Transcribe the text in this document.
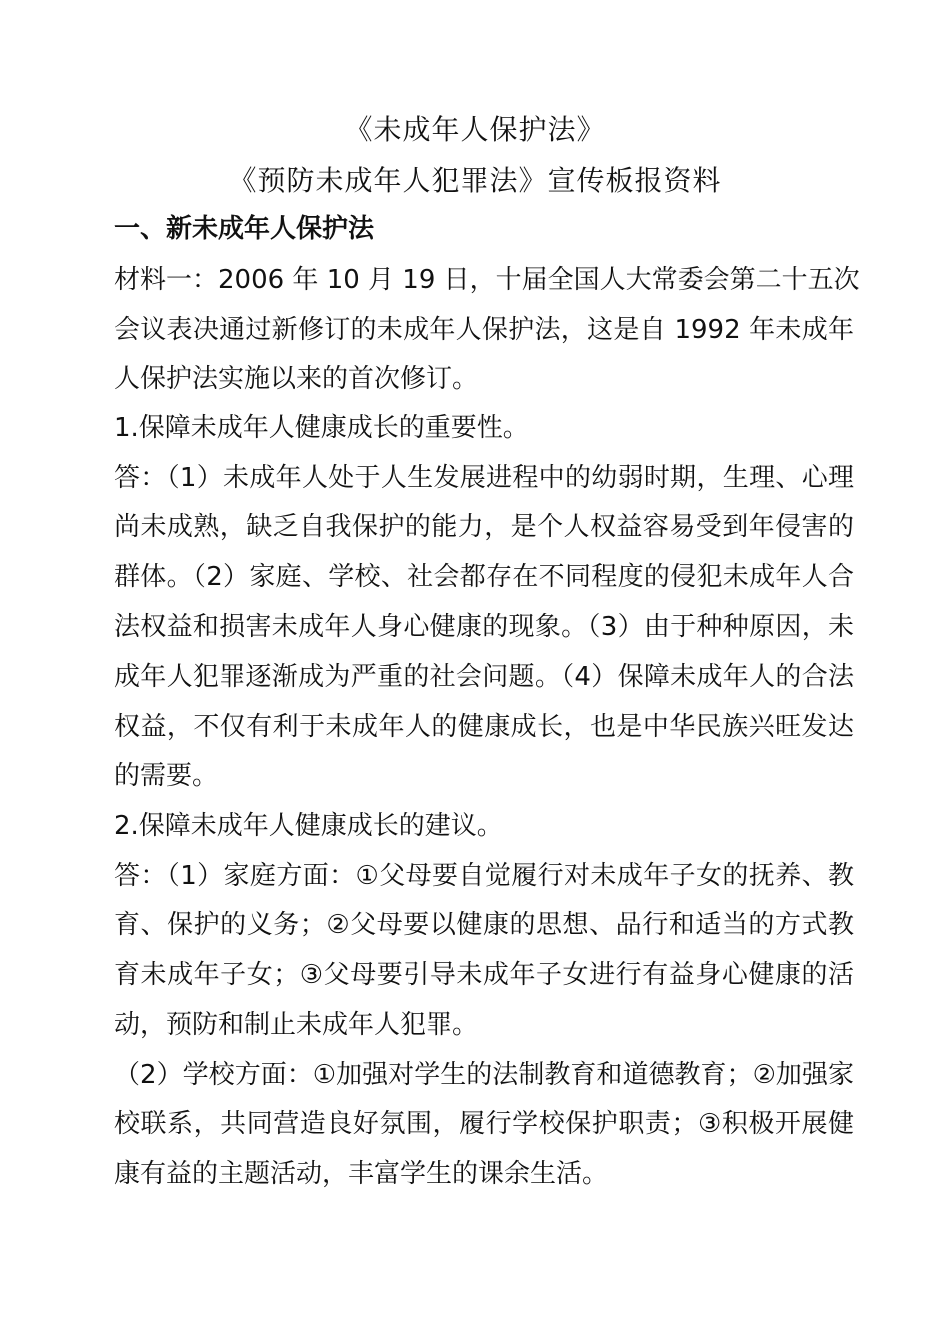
《未成年人保护法》
《预防未成年人犯罪法》宣传板报资料
一、新未成年人保护法
材料一：2006 年 10 月 19 日，十届全国人大常委会第二十五次
会议表决通过新修订的未成年人保护法，这是自 1992 年未成年
人保护法实施以来的首次修订。
1.保障未成年人健康成长的重要性。
答：（1）未成年人处于人生发展进程中的幼弱时期，生理、心理
尚未成熟，缺乏自我保护的能力，是个人权益容易受到年侵害的
群体。（2）家庭、学校、社会都存在不同程度的侵犯未成年人合
法权益和损害未成年人身心健康的现象。（3）由于种种原因，未
成年人犯罪逐渐成为严重的社会问题。（4）保障未成年人的合法
权益，不仅有利于未成年人的健康成长，也是中华民族兴旺发达
的需要。
2.保障未成年人健康成长的建议。
答：（1）家庭方面：①父母要自觉履行对未成年子女的抚养、教
育、保护的义务；②父母要以健康的思想、品行和适当的方式教
育未成年子女；③父母要引导未成年子女进行有益身心健康的活
动，预防和制止未成年人犯罪。
（2）学校方面：①加强对学生的法制教育和道德教育；②加强家
校联系，共同营造良好氛围，履行学校保护职责；③积极开展健
康有益的主题活动，丰富学生的课余生活。
